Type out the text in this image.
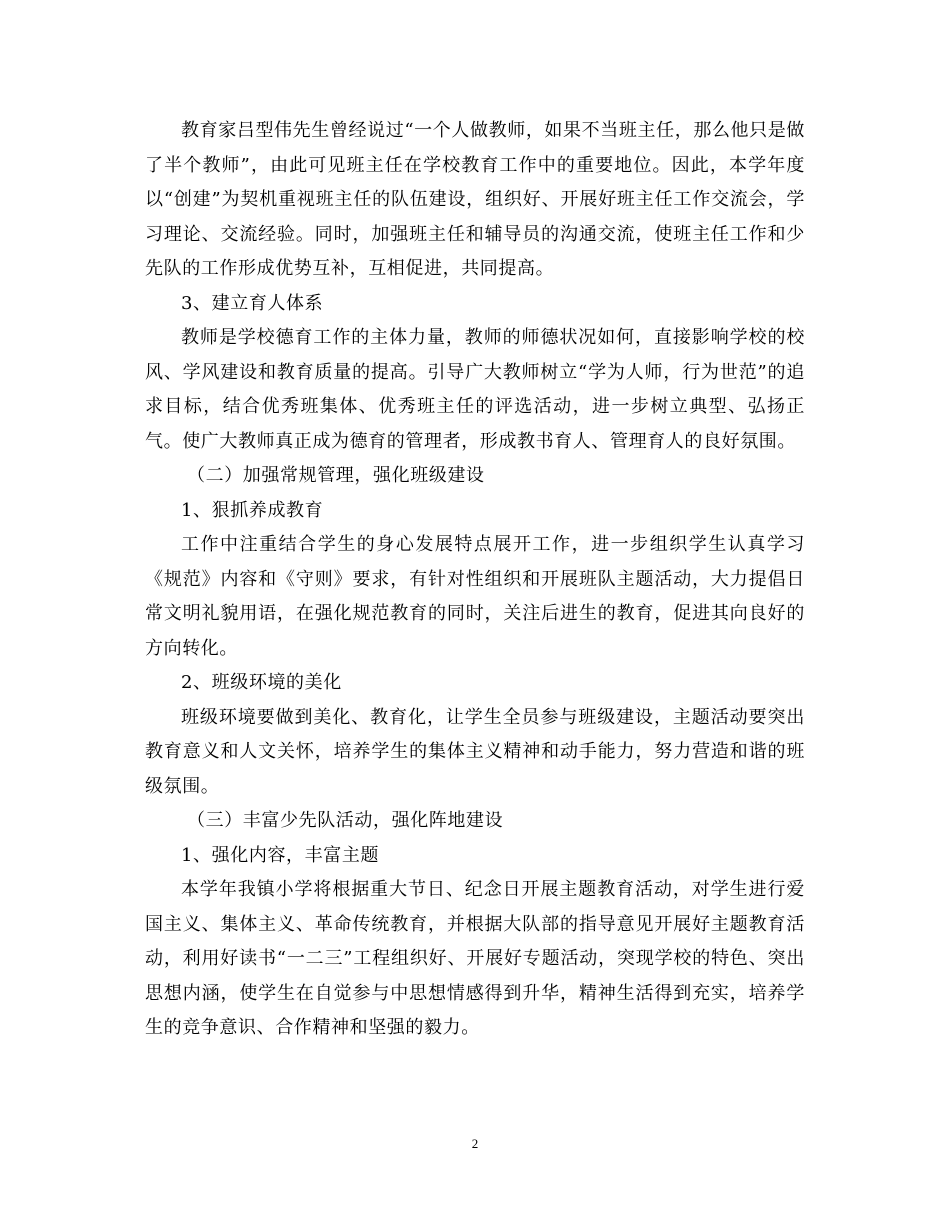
教育家吕型伟先生曾经说过“一个人做教师，如果不当班主任，那么他只是做了半个教师”，由此可见班主任在学校教育工作中的重要地位。因此，本学年度以“创建”为契机重视班主任的队伍建设，组织好、开展好班主任工作交流会，学习理论、交流经验。同时，加强班主任和辅导员的沟通交流，使班主任工作和少先队的工作形成优势互补，互相促进，共同提高。

3、建立育人体系

教师是学校德育工作的主体力量，教师的师德状况如何，直接影响学校的校风、学风建设和教育质量的提高。引导广大教师树立“学为人师，行为世范”的追求目标，结合优秀班集体、优秀班主任的评选活动，进一步树立典型、弘扬正气。使广大教师真正成为德育的管理者，形成教书育人、管理育人的良好氛围。

（二）加强常规管理，强化班级建设

1、狠抓养成教育

工作中注重结合学生的身心发展特点展开工作，进一步组织学生认真学习《规范》内容和《守则》要求，有针对性组织和开展班队主题活动，大力提倡日常文明礼貌用语，在强化规范教育的同时，关注后进生的教育，促进其向良好的方向转化。

2、班级环境的美化

班级环境要做到美化、教育化，让学生全员参与班级建设，主题活动要突出教育意义和人文关怀，培养学生的集体主义精神和动手能力，努力营造和谐的班级氛围。

（三）丰富少先队活动，强化阵地建设

1、强化内容，丰富主题

本学年我镇小学将根据重大节日、纪念日开展主题教育活动，对学生进行爱国主义、集体主义、革命传统教育，并根据大队部的指导意见开展好主题教育活动，利用好读书“一二三”工程组织好、开展好专题活动，突现学校的特色、突出思想内涵，使学生在自觉参与中思想情感得到升华，精神生活得到充实，培养学生的竞争意识、合作精神和坚强的毅力。

2
